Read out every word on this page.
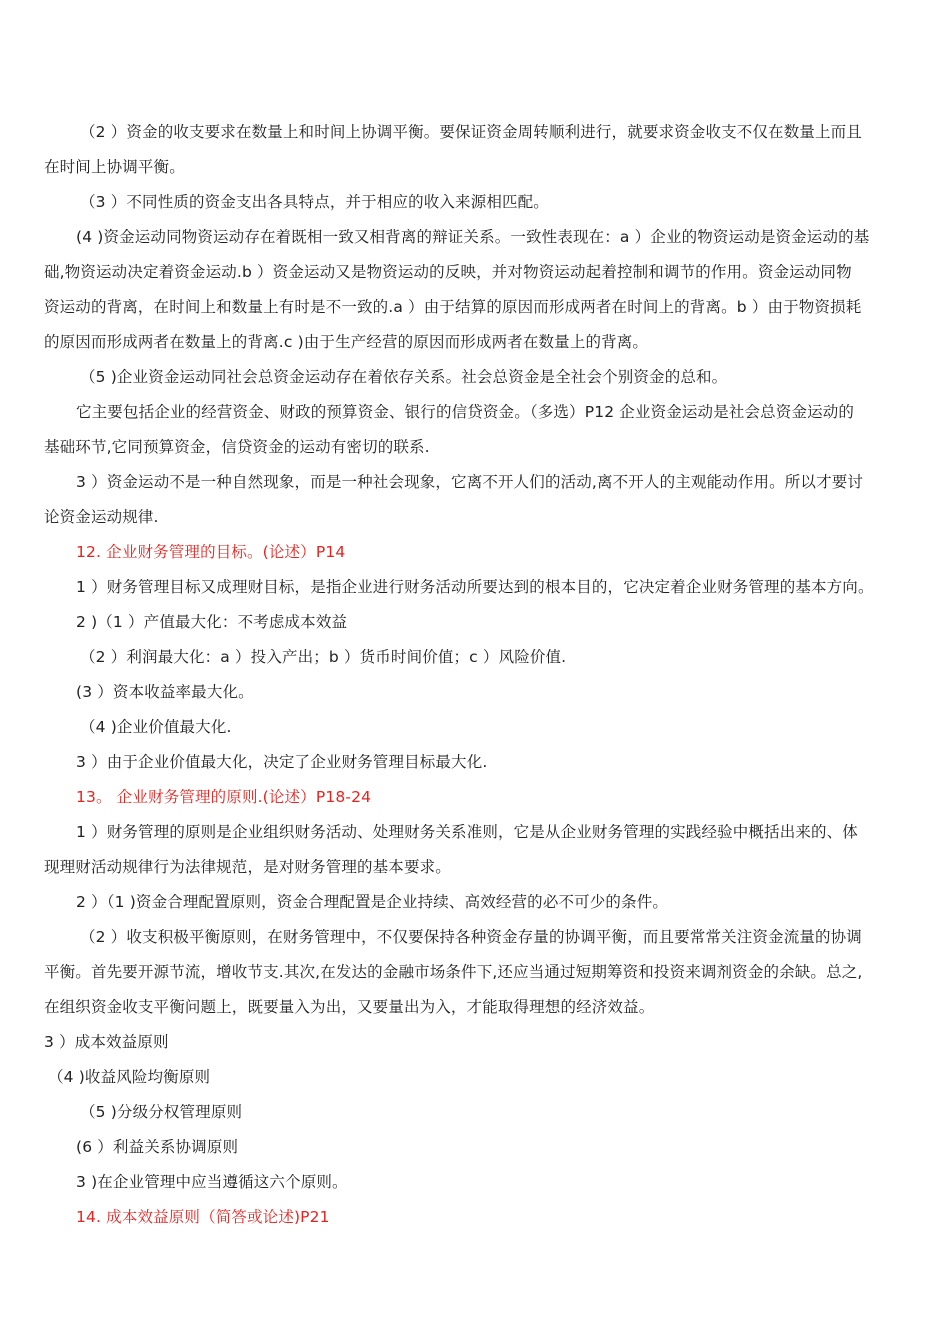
（2 ）资金的收支要求在数量上和时间上协调平衡。要保证资金周转顺利进行，就要求资金收支不仅在数量上而且
在时间上协调平衡。
（3 ）不同性质的资金支出各具特点，并于相应的收入来源相匹配。
(4 )资金运动同物资运动存在着既相一致又相背离的辩证关系。一致性表现在：a ）企业的物资运动是资金运动的基
础,物资运动决定着资金运动.b ）资金运动又是物资运动的反映，并对物资运动起着控制和调节的作用。资金运动同物
资运动的背离，在时间上和数量上有时是不一致的.a ）由于结算的原因而形成两者在时间上的背离。b ）由于物资损耗
的原因而形成两者在数量上的背离.c )由于生产经营的原因而形成两者在数量上的背离。
（5 )企业资金运动同社会总资金运动存在着依存关系。社会总资金是全社会个别资金的总和。
它主要包括企业的经营资金、财政的预算资金、银行的信贷资金。（多选）P12 企业资金运动是社会总资金运动的
基础环节,它同预算资金，信贷资金的运动有密切的联系.
3 ）资金运动不是一种自然现象，而是一种社会现象，它离不开人们的活动,离不开人的主观能动作用。所以才要讨
论资金运动规律.
12. 企业财务管理的目标。(论述）P14
1 ）财务管理目标又成理财目标，是指企业进行财务活动所要达到的根本目的，它决定着企业财务管理的基本方向。
2 )（1 ）产值最大化：不考虑成本效益
（2 ）利润最大化：a ）投入产出；b ）货币时间价值；c ）风险价值.
(3 ）资本收益率最大化。
（4 )企业价值最大化.
3 ）由于企业价值最大化，决定了企业财务管理目标最大化.
13。 企业财务管理的原则.(论述）P18-24
1 ）财务管理的原则是企业组织财务活动、处理财务关系准则，它是从企业财务管理的实践经验中概括出来的、体
现理财活动规律行为法律规范，是对财务管理的基本要求。
2 ）（1 )资金合理配置原则，资金合理配置是企业持续、高效经营的必不可少的条件。
（2 ）收支积极平衡原则，在财务管理中，不仅要保持各种资金存量的协调平衡，而且要常常关注资金流量的协调
平衡。首先要开源节流，增收节支.其次,在发达的金融市场条件下,还应当通过短期筹资和投资来调剂资金的余缺。总之,
在组织资金收支平衡问题上，既要量入为出，又要量出为入，才能取得理想的经济效益。
3 ）成本效益原则
（4 )收益风险均衡原则
（5 )分级分权管理原则
(6 ）利益关系协调原则
3 )在企业管理中应当遵循这六个原则。
14. 成本效益原则（简答或论述)P21
